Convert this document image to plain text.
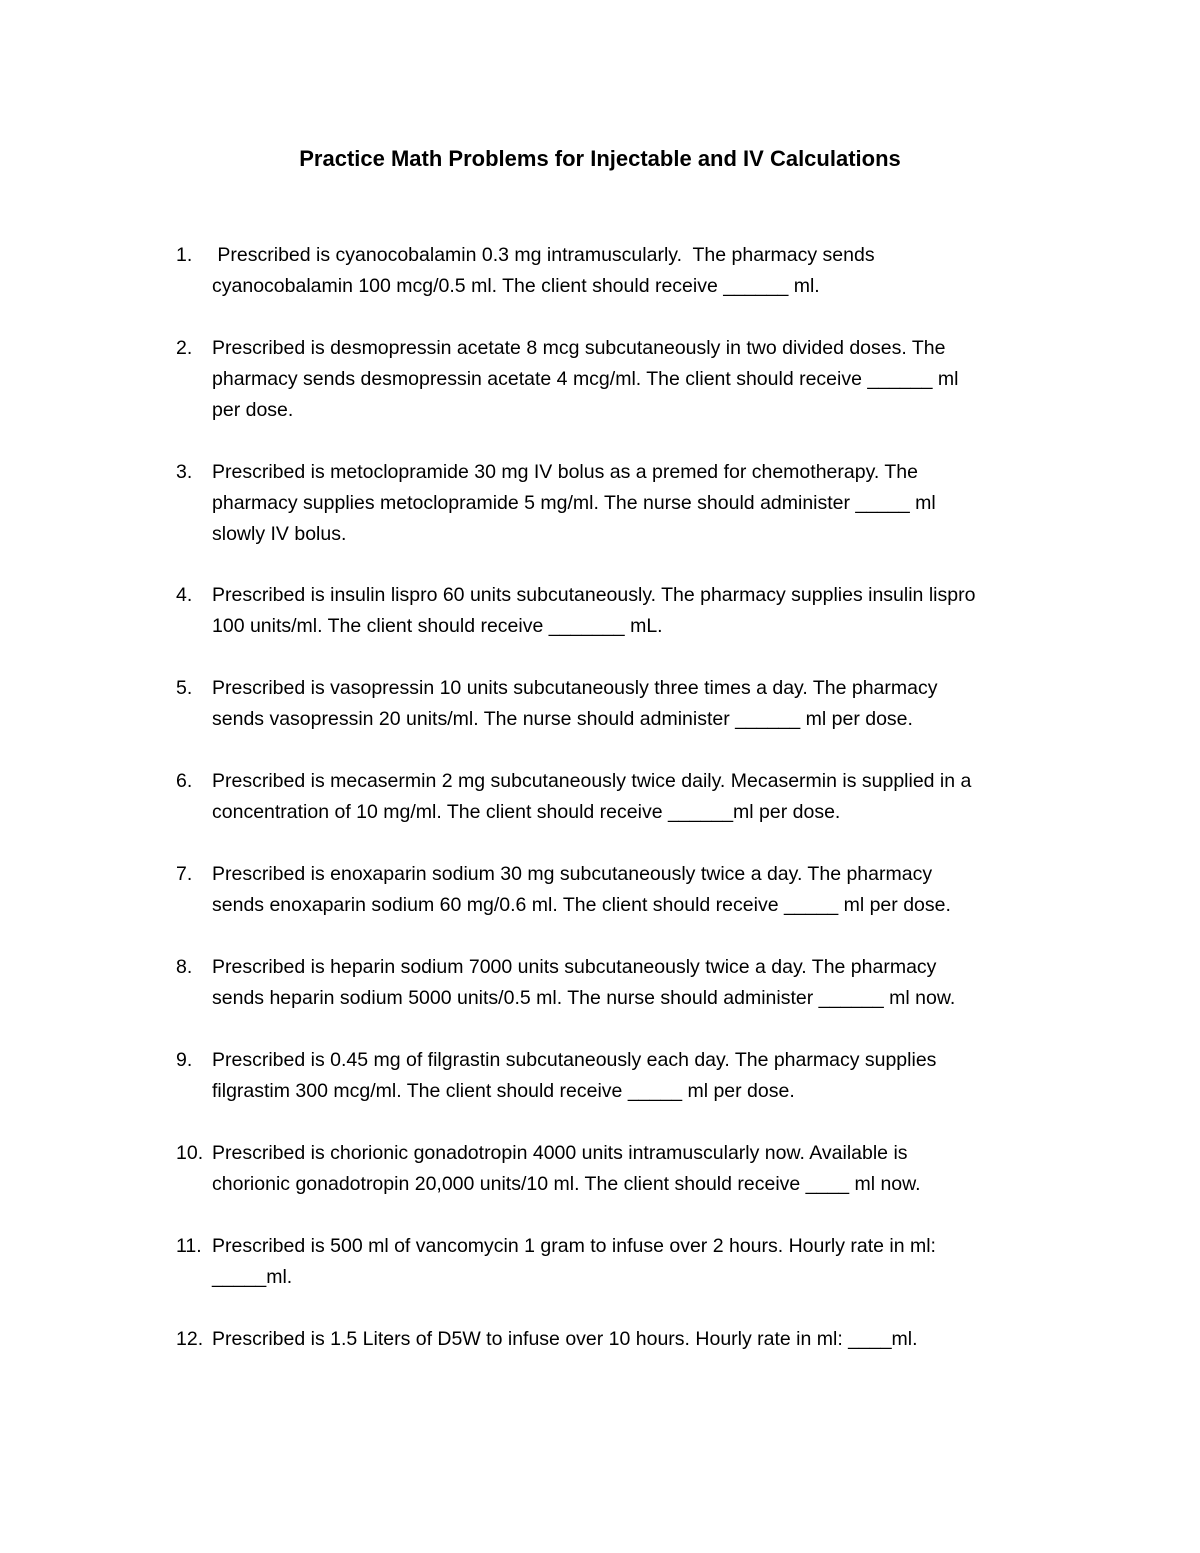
Practice Math Problems for Injectable and IV Calculations
1. Prescribed is cyanocobalamin 0.3 mg intramuscularly.  The pharmacy sends
cyanocobalamin 100 mcg/0.5 ml. The client should receive ______ ml.
2. Prescribed is desmopressin acetate 8 mcg subcutaneously in two divided doses. The
pharmacy sends desmopressin acetate 4 mcg/ml. The client should receive ______ ml
per dose.
3. Prescribed is metoclopramide 30 mg IV bolus as a premed for chemotherapy. The
pharmacy supplies metoclopramide 5 mg/ml. The nurse should administer _____ ml
slowly IV bolus.
4. Prescribed is insulin lispro 60 units subcutaneously. The pharmacy supplies insulin lispro
100 units/ml. The client should receive _______ mL.
5. Prescribed is vasopressin 10 units subcutaneously three times a day. The pharmacy
sends vasopressin 20 units/ml. The nurse should administer ______ ml per dose.
6. Prescribed is mecasermin 2 mg subcutaneously twice daily. Mecasermin is supplied in a
concentration of 10 mg/ml. The client should receive ______ml per dose.
7. Prescribed is enoxaparin sodium 30 mg subcutaneously twice a day. The pharmacy
sends enoxaparin sodium 60 mg/0.6 ml. The client should receive _____ ml per dose.
8. Prescribed is heparin sodium 7000 units subcutaneously twice a day. The pharmacy
sends heparin sodium 5000 units/0.5 ml. The nurse should administer ______ ml now.
9. Prescribed is 0.45 mg of filgrastin subcutaneously each day. The pharmacy supplies
filgrastim 300 mcg/ml. The client should receive _____ ml per dose.
10. Prescribed is chorionic gonadotropin 4000 units intramuscularly now. Available is
chorionic gonadotropin 20,000 units/10 ml. The client should receive ____ ml now.
11. Prescribed is 500 ml of vancomycin 1 gram to infuse over 2 hours. Hourly rate in ml:
_____ml.
12. Prescribed is 1.5 Liters of D5W to infuse over 10 hours. Hourly rate in ml: ____ml.
